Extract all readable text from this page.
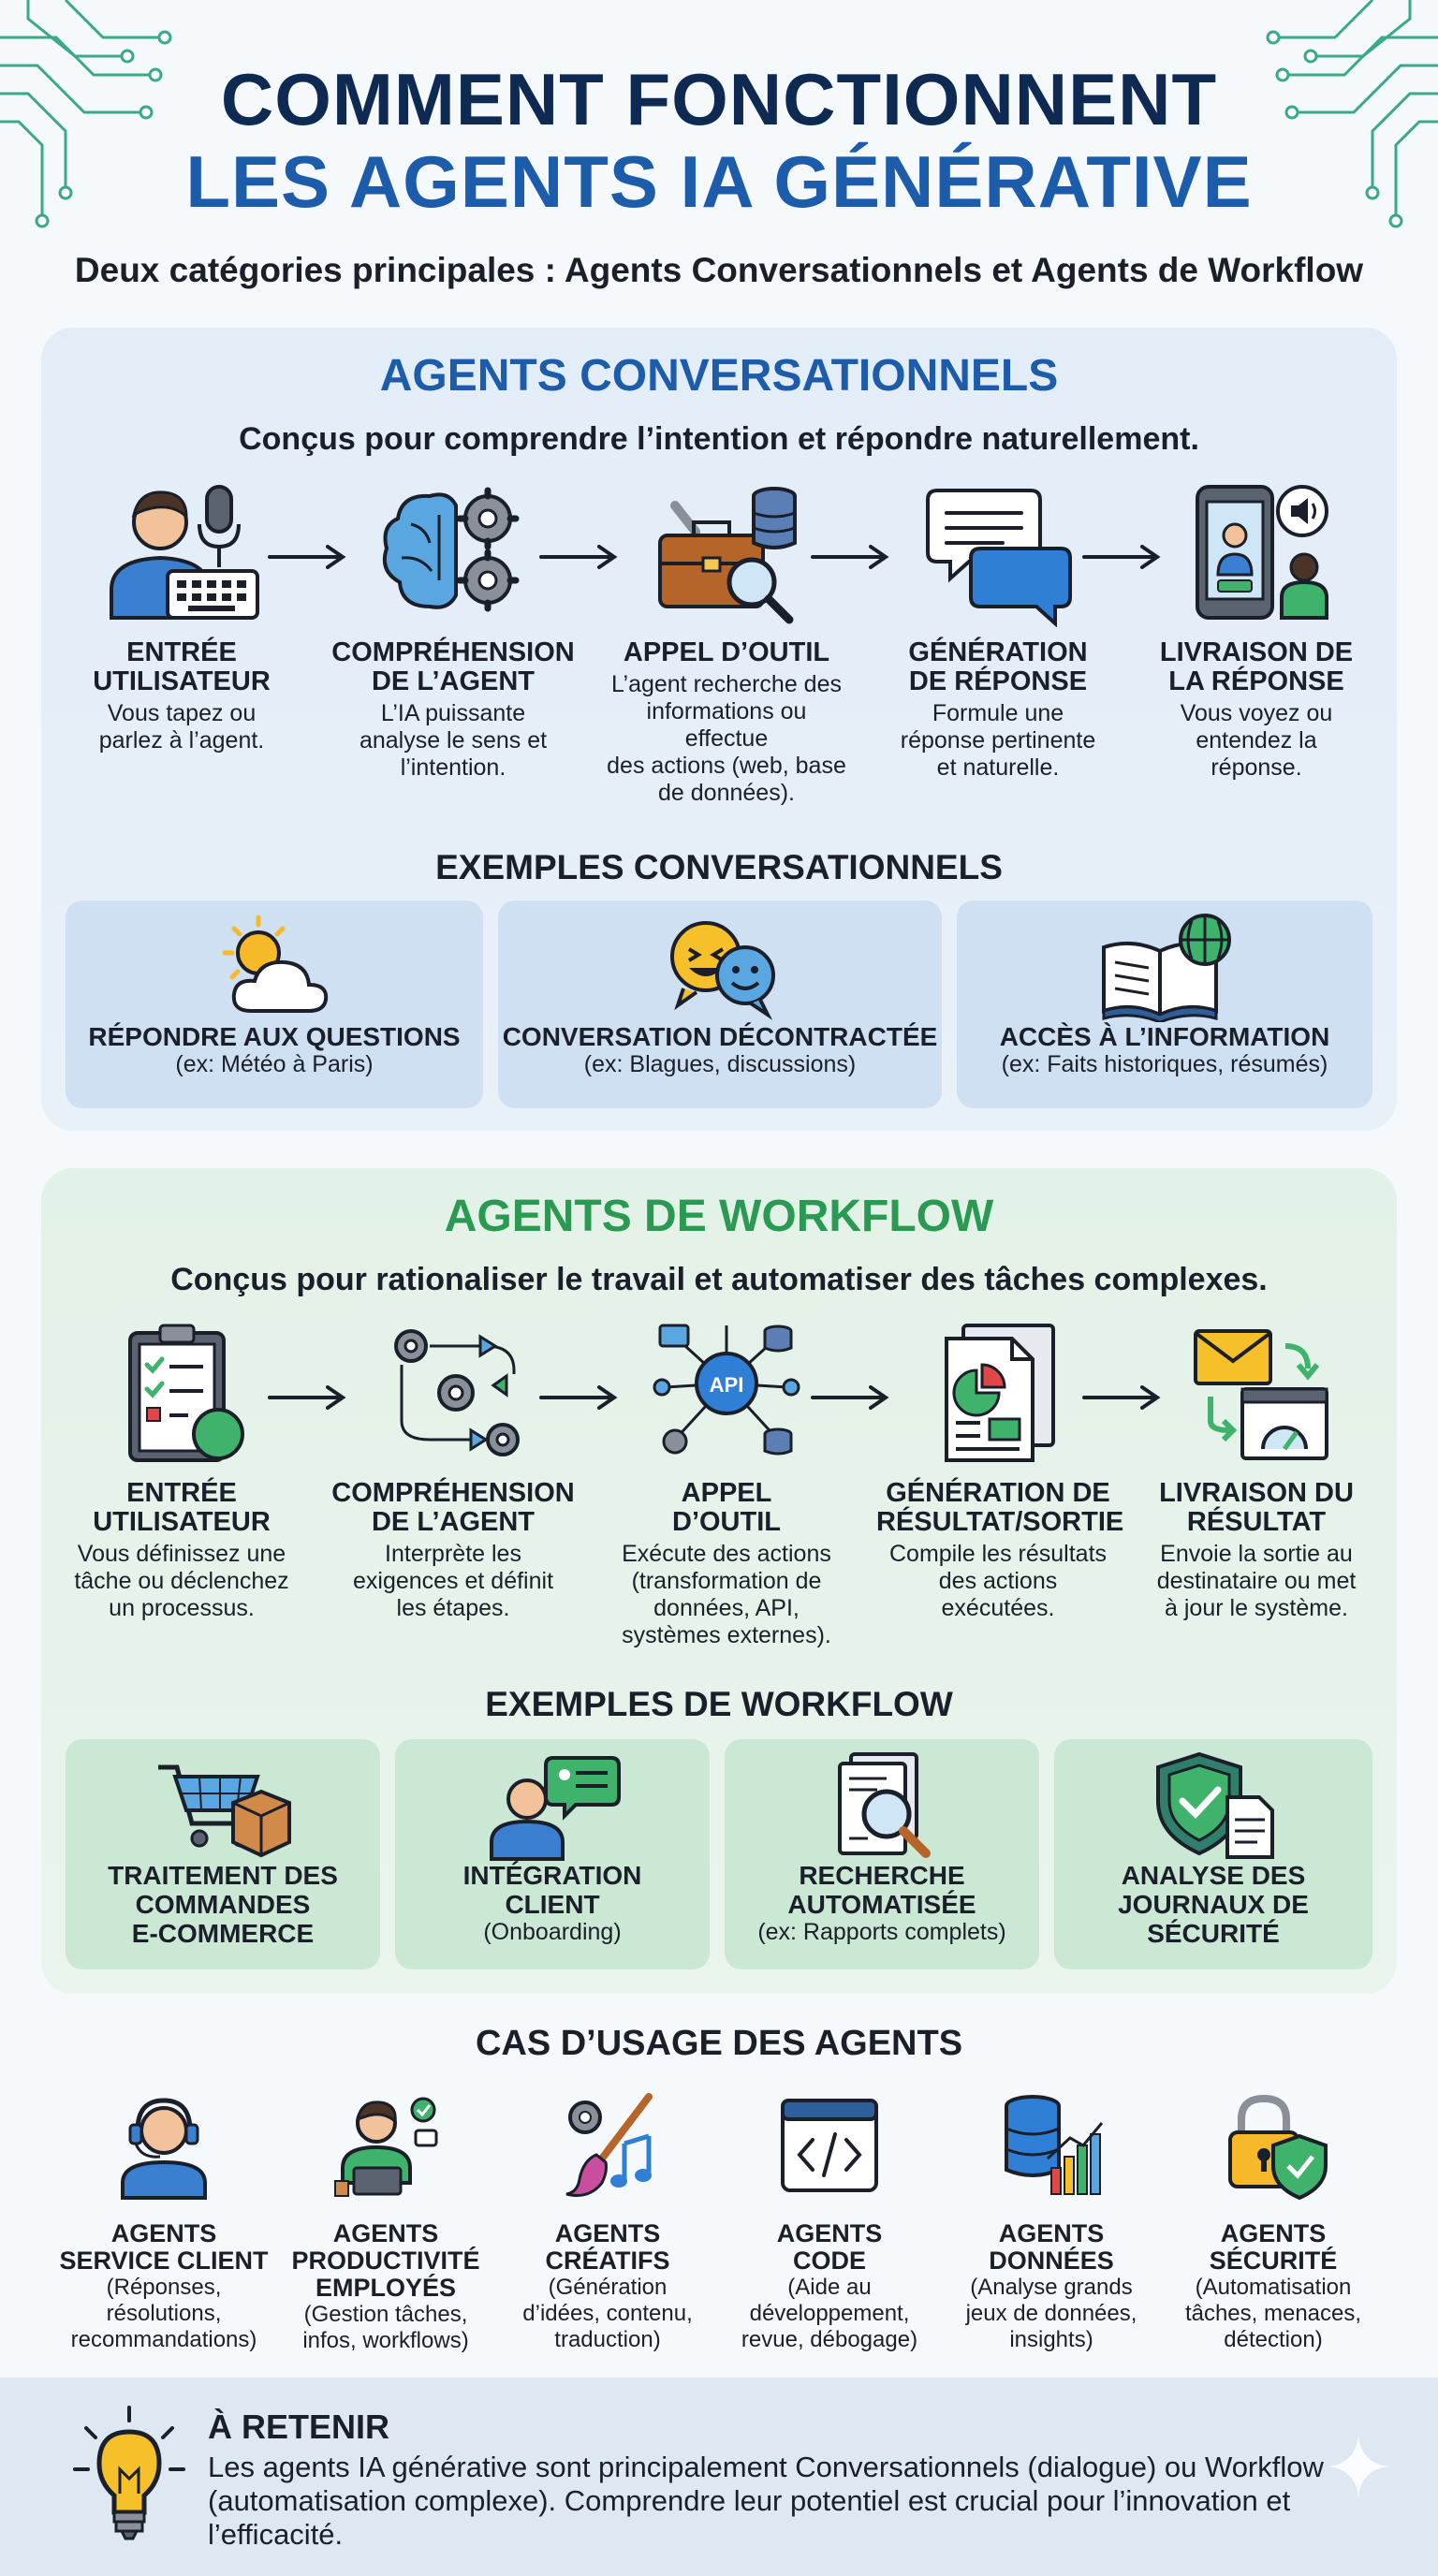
COMMENT FONCTIONNENT
LES AGENTS IA GÉNÉRATIVE
Deux catégories principales : Agents Conversationnels et Agents de Workflow
AGENTS CONVERSATIONNELS
Conçus pour comprendre l’intention et répondre naturellement.
ENTRÉE
UTILISATEUR
Vous tapez ou
parlez à l’agent.
COMPRÉHENSION
DE L’AGENT
L’IA puissante
analyse le sens et
l’intention.
APPEL D’OUTIL
L’agent recherche des
informations ou effectue
des actions (web, base
de données).
GÉNÉRATION
DE RÉPONSE
Formule une
réponse pertinente
et naturelle.
LIVRAISON DE
LA RÉPONSE
Vous voyez ou
entendez la
réponse.
EXEMPLES CONVERSATIONNELS
RÉPONDRE AUX QUESTIONS
(ex: Météo à Paris)
CONVERSATION DÉCONTRACTÉE
(ex: Blagues, discussions)
ACCÈS À L’INFORMATION
(ex: Faits historiques, résumés)
AGENTS DE WORKFLOW
Conçus pour rationaliser le travail et automatiser des tâches complexes.
ENTRÉE
UTILISATEUR
Vous définissez une
tâche ou déclenchez
un processus.
COMPRÉHENSION
DE L’AGENT
Interprète les
exigences et définit
les étapes.
API
APPEL
D’OUTIL
Exécute des actions
(transformation de
données, API,
systèmes externes).
GÉNÉRATION DE
RÉSULTAT/SORTIE
Compile les résultats
des actions
exécutées.
LIVRAISON DU
RÉSULTAT
Envoie la sortie au
destinataire ou met
à jour le système.
EXEMPLES DE WORKFLOW
TRAITEMENT DES
COMMANDES
E-COMMERCE
INTÉGRATION
CLIENT
(Onboarding)
RECHERCHE
AUTOMATISÉE
(ex: Rapports complets)
ANALYSE DES
JOURNAUX DE
SÉCURITÉ
CAS D’USAGE DES AGENTS
AGENTS
SERVICE CLIENT
(Réponses,
résolutions,
recommandations)
AGENTS
PRODUCTIVITÉ
EMPLOYÉS
(Gestion tâches,
infos, workflows)
AGENTS
CRÉATIFS
(Génération
d’idées, contenu,
traduction)
AGENTS
CODE
(Aide au
développement,
revue, débogage)
AGENTS
DONNÉES
(Analyse grands
jeux de données,
insights)
AGENTS
SÉCURITÉ
(Automatisation
tâches, menaces,
détection)
À RETENIR
Les agents IA générative sont principalement Conversationnels (dialogue) ou Workflow (automatisation complexe). Comprendre leur potentiel est crucial pour l’innovation et l’efficacité.
